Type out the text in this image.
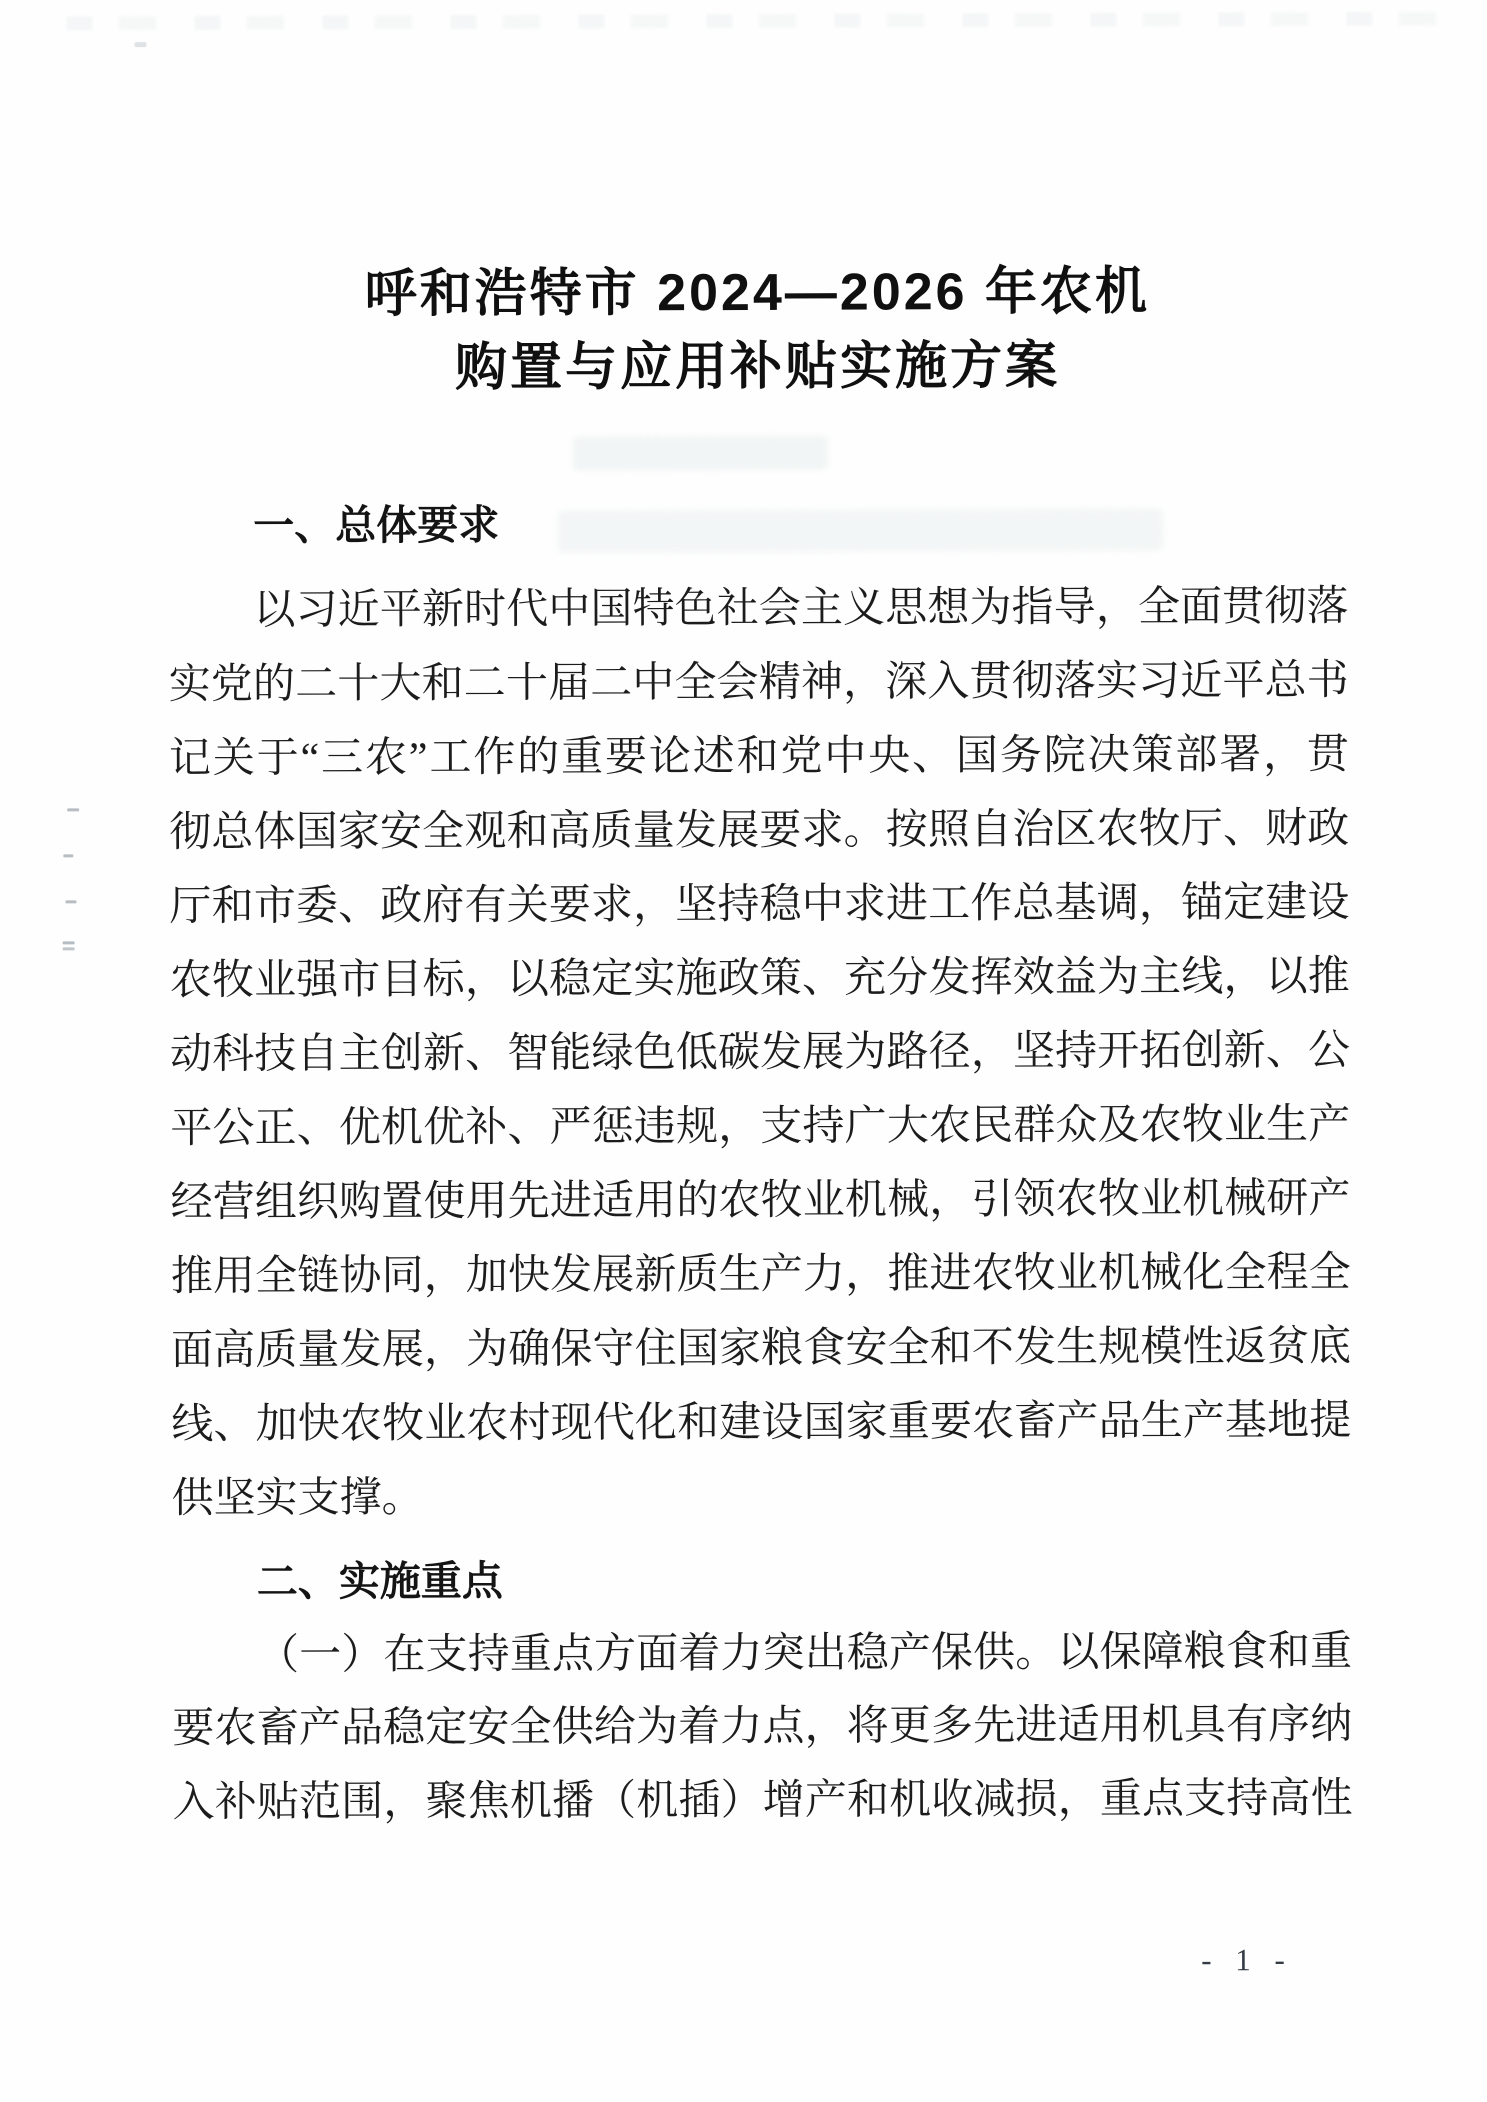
呼和浩特市 2024—2026 年农机
购置与应用补贴实施方案
一、总体要求
以习近平新时代中国特色社会主义思想为指导，全面贯彻落
实党的二十大和二十届二中全会精神，深入贯彻落实习近平总书
记关于“三农”工作的重要论述和党中央、国务院决策部署，贯
彻总体国家安全观和高质量发展要求。按照自治区农牧厅、财政
厅和市委、政府有关要求，坚持稳中求进工作总基调，锚定建设
农牧业强市目标，以稳定实施政策、充分发挥效益为主线，以推
动科技自主创新、智能绿色低碳发展为路径，坚持开拓创新、公
平公正、优机优补、严惩违规，支持广大农民群众及农牧业生产
经营组织购置使用先进适用的农牧业机械，引领农牧业机械研产
推用全链协同，加快发展新质生产力，推进农牧业机械化全程全
面高质量发展，为确保守住国家粮食安全和不发生规模性返贫底
线、加快农牧业农村现代化和建设国家重要农畜产品生产基地提
供坚实支撑。
二、实施重点
（一）在支持重点方面着力突出稳产保供。以保障粮食和重
要农畜产品稳定安全供给为着力点，将更多先进适用机具有序纳
入补贴范围，聚焦机播（机插）增产和机收减损，重点支持高性
- 1 -
